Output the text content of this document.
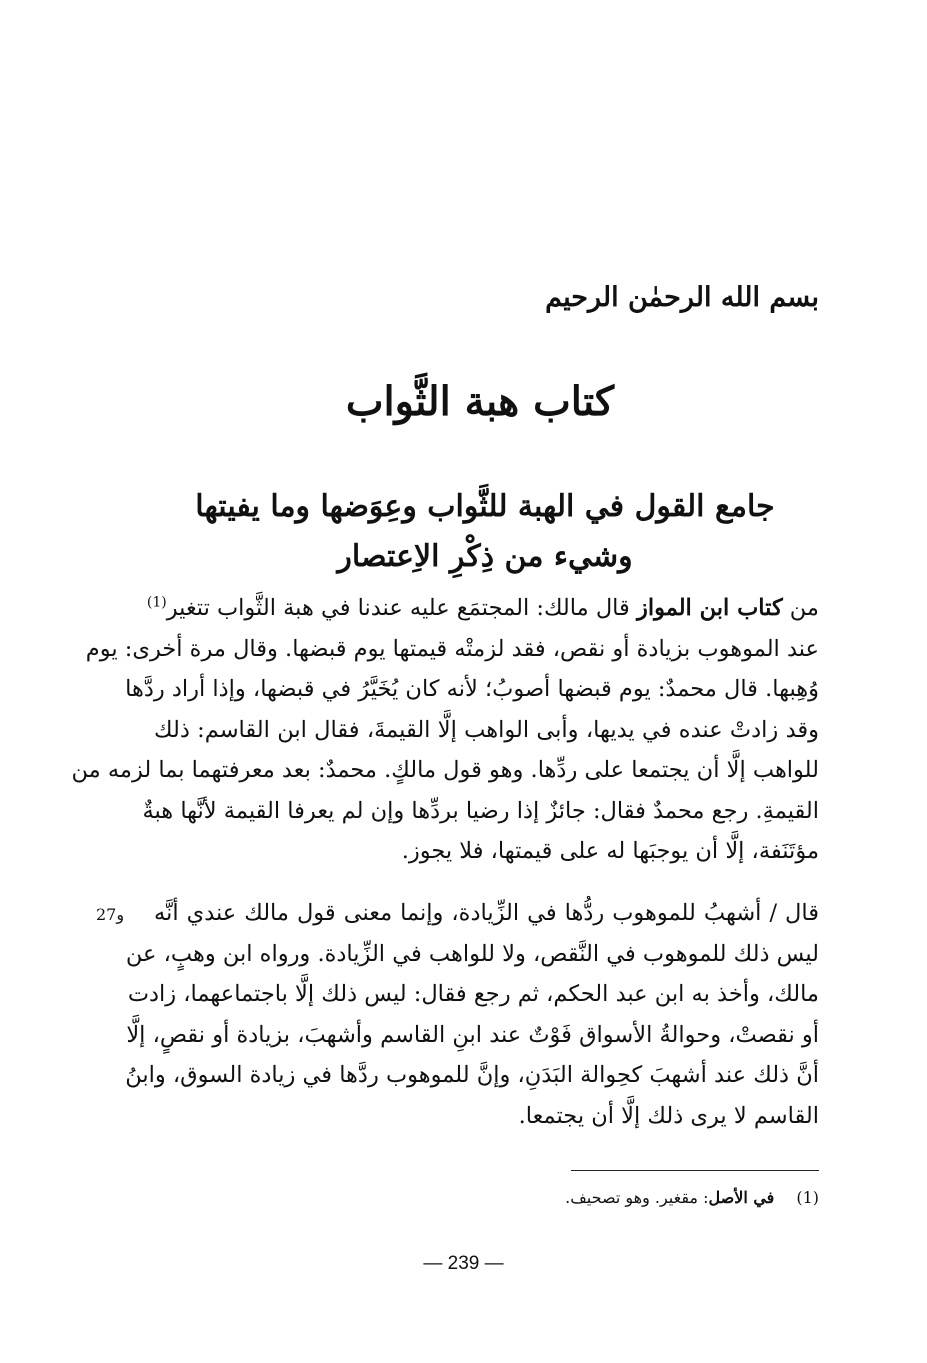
بسم الله الرحمٰن الرحيم
كتاب هبة الثَّواب
جامع القول في الهبة للثَّواب وعِوَضها وما يفيتها
وشيء من ذِكْرِ الاِعتصار
من كتاب ابن المواز قال مالك: المجتمَع عليه عندنا في هبة الثَّواب تتغير$^{(1)}$
عند الموهوب بزيادة أو نقص، فقد لزمتْه قيمتها يوم قبضها. وقال مرة أخرى: يوم
وُهِبها. قال محمدٌ: يوم قبضها أصوبُ؛ لأنه كان يُخَيَّرُ في قبضها، وإذا أراد ردَّها
وقد زادتْ عنده في يديها، وأبى الواهب إلَّا القيمةَ، فقال ابن القاسم: ذلك
للواهب إلَّا أن يجتمعا على ردِّها. وهو قول مالكٍ. محمدٌ: بعد معرفتهما بما لزمه من
القيمةِ. رجع محمدٌ فقال: جائزٌ إذا رضيا بردِّها وإن لم يعرفا القيمة لأنَّها هبةٌ
مؤتَنَفة، إلَّا أن يوجبَها له على قيمتها، فلا يجوز.
27و	قال / أشهبُ للموهوب ردُّها في الزِّيادة، وإنما معنى قول مالك عندي أنَّه
ليس ذلك للموهوب في النَّقص، ولا للواهب في الزِّيادة. ورواه ابن وهبٍ، عن
مالك، وأخذ به ابن عبد الحكم، ثم رجع فقال: ليس ذلك إلَّا باجتماعهما، زادت
أو نقصتْ، وحوالةُ الأسواق فَوْتٌ عند ابنِ القاسم وأشهبَ، بزيادة أو نقصٍ، إلَّا
أنَّ ذلك عند أشهبَ كحِوالة البَدَنِ، وإنَّ للموهوب ردَّها في زيادة السوق، وابنُ
القاسم لا يرى ذلك إلَّا أن يجتمعا.
(1)في الأصل: مقغير. وهو تصحيف.
— 239 —
